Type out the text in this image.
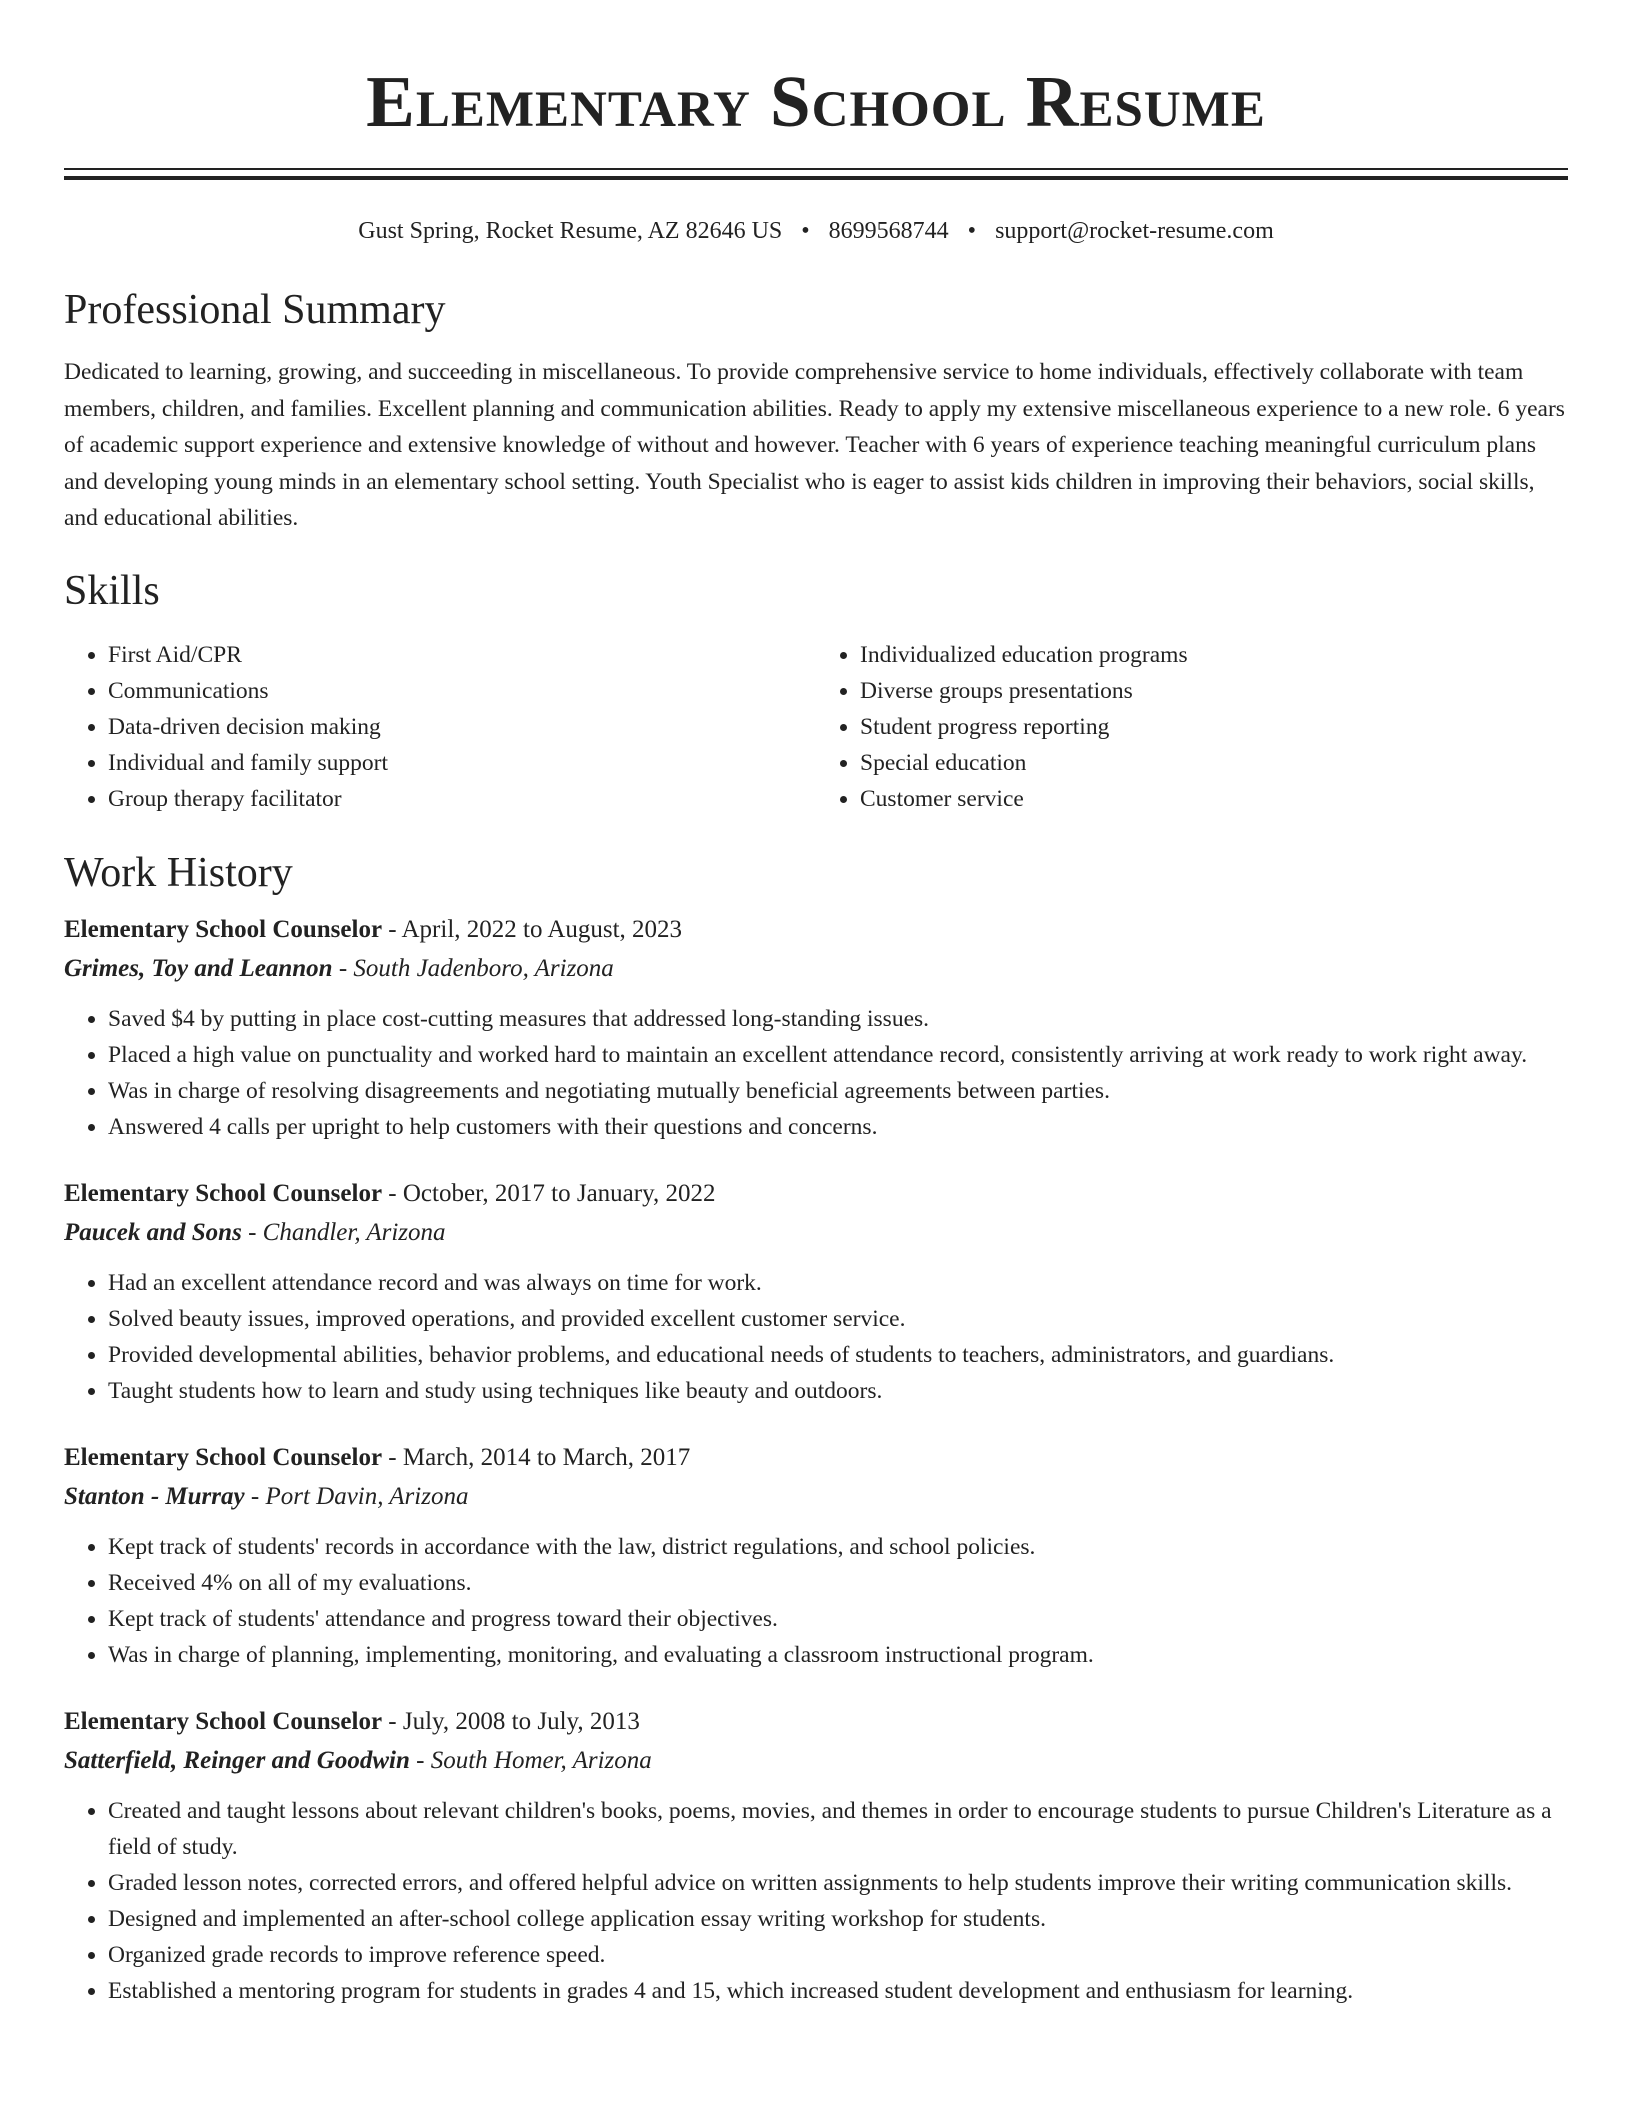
Elementary School Resume
Gust Spring, Rocket Resume, AZ 82646 US • 8699568744 • support@rocket-resume.com
Professional Summary

Dedicated to learning, growing, and succeeding in miscellaneous. To provide comprehensive service to home individuals, effectively collaborate with team members, children, and families. Excellent planning and communication abilities. Ready to apply my extensive miscellaneous experience to a new role. 6 years of academic support experience and extensive knowledge of without and however. Teacher with 6 years of experience teaching meaningful curriculum plans and developing young minds in an elementary school setting. Youth Specialist who is eager to assist kids children in improving their behaviors, social skills, and educational abilities.

Skills
• First Aid/CPR
• Communications
• Data-driven decision making
• Individual and family support
• Group therapy facilitator
• Individualized education programs
• Diverse groups presentations
• Student progress reporting
• Special education
• Customer service
Work History
Elementary School Counselor - April, 2022 to August, 2023
Grimes, Toy and Leannon - South Jadenboro, Arizona
• Saved $4 by putting in place cost-cutting measures that addressed long-standing issues.
• Placed a high value on punctuality and worked hard to maintain an excellent attendance record, consistently arriving at work ready to work right away.
• Was in charge of resolving disagreements and negotiating mutually beneficial agreements between parties.
• Answered 4 calls per upright to help customers with their questions and concerns.
Elementary School Counselor - October, 2017 to January, 2022
Paucek and Sons - Chandler, Arizona
• Had an excellent attendance record and was always on time for work.
• Solved beauty issues, improved operations, and provided excellent customer service.
• Provided developmental abilities, behavior problems, and educational needs of students to teachers, administrators, and guardians.
• Taught students how to learn and study using techniques like beauty and outdoors.
Elementary School Counselor - March, 2014 to March, 2017
Stanton - Murray - Port Davin, Arizona
• Kept track of students' records in accordance with the law, district regulations, and school policies.
• Received 4% on all of my evaluations.
• Kept track of students' attendance and progress toward their objectives.
• Was in charge of planning, implementing, monitoring, and evaluating a classroom instructional program.
Elementary School Counselor - July, 2008 to July, 2013
Satterfield, Reinger and Goodwin - South Homer, Arizona
• Created and taught lessons about relevant children's books, poems, movies, and themes in order to encourage students to pursue Children's Literature as a field of study.
• Graded lesson notes, corrected errors, and offered helpful advice on written assignments to help students improve their writing communication skills.
• Designed and implemented an after-school college application essay writing workshop for students.
• Organized grade records to improve reference speed.
• Established a mentoring program for students in grades 4 and 15, which increased student development and enthusiasm for learning.
